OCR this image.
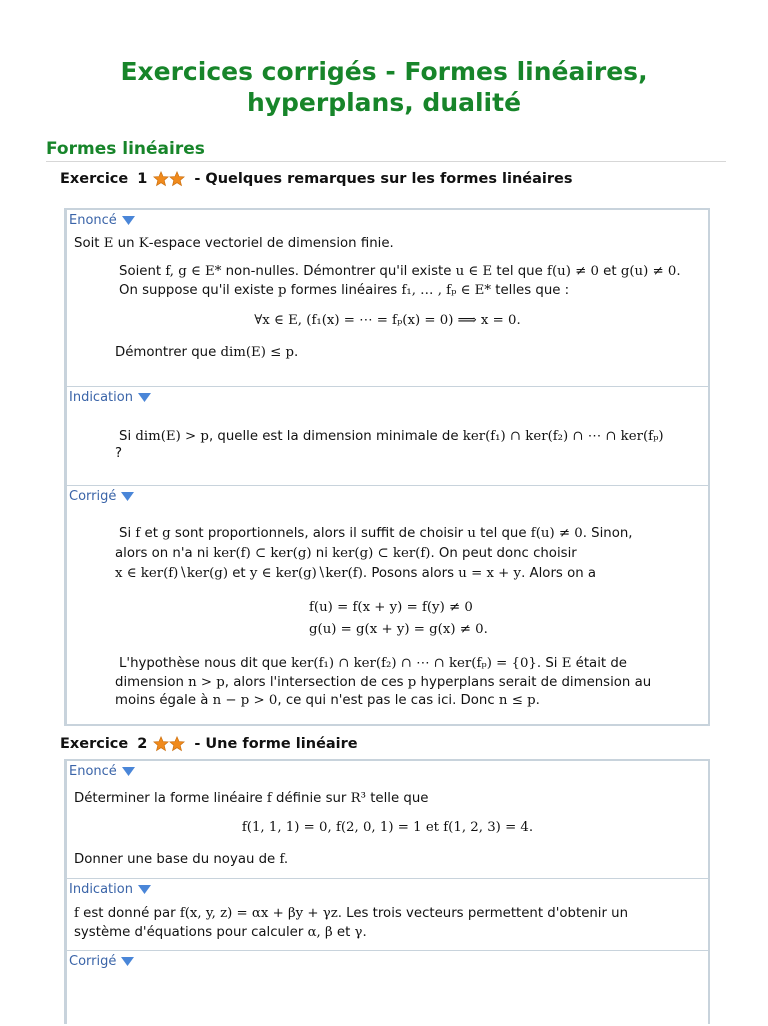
Exercices corrigés - Formes linéaires,
hyperplans, dualité
Formes linéaires
Exercice 1	- Quelques remarques sur les formes linéaires
Enoncé
Soit E un K-espace vectoriel de dimension finie.
Soient f, g ∈ E* non-nulles. Démontrer qu'il existe u ∈ E tel que f(u) ≠ 0 et g(u) ≠ 0.
On suppose qu'il existe p formes linéaires f₁, … , fₚ ∈ E* telles que :
∀x ∈ E, (f₁(x) = ⋯ = fₚ(x) = 0) ⟹ x = 0.
Démontrer que dim(E) ≤ p.
Indication
Si dim(E) > p, quelle est la dimension minimale de ker(f₁) ∩ ker(f₂) ∩ ⋯ ∩ ker(fₚ)
?
Corrigé
Si f et g sont proportionnels, alors il suffit de choisir u tel que f(u) ≠ 0. Sinon,
alors on n'a ni ker(f) ⊂ ker(g) ni ker(g) ⊂ ker(f). On peut donc choisir
x ∈ ker(f)∖ker(g) et y ∈ ker(g)∖ker(f). Posons alors u = x + y. Alors on a
f(u) = f(x + y) = f(y) ≠ 0
g(u) = g(x + y) = g(x) ≠ 0.
L'hypothèse nous dit que ker(f₁) ∩ ker(f₂) ∩ ⋯ ∩ ker(fₚ) = {0}. Si E était de
dimension n > p, alors l'intersection de ces p hyperplans serait de dimension au
moins égale à n − p > 0, ce qui n'est pas le cas ici. Donc n ≤ p.
Exercice 2	- Une forme linéaire
Enoncé
Déterminer la forme linéaire f définie sur R³ telle que
f(1, 1, 1) = 0, f(2, 0, 1) = 1 et f(1, 2, 3) = 4.
Donner une base du noyau de f.
Indication
f est donné par f(x, y, z) = αx + βy + γz. Les trois vecteurs permettent d'obtenir un
système d'équations pour calculer α, β et γ.
Corrigé
